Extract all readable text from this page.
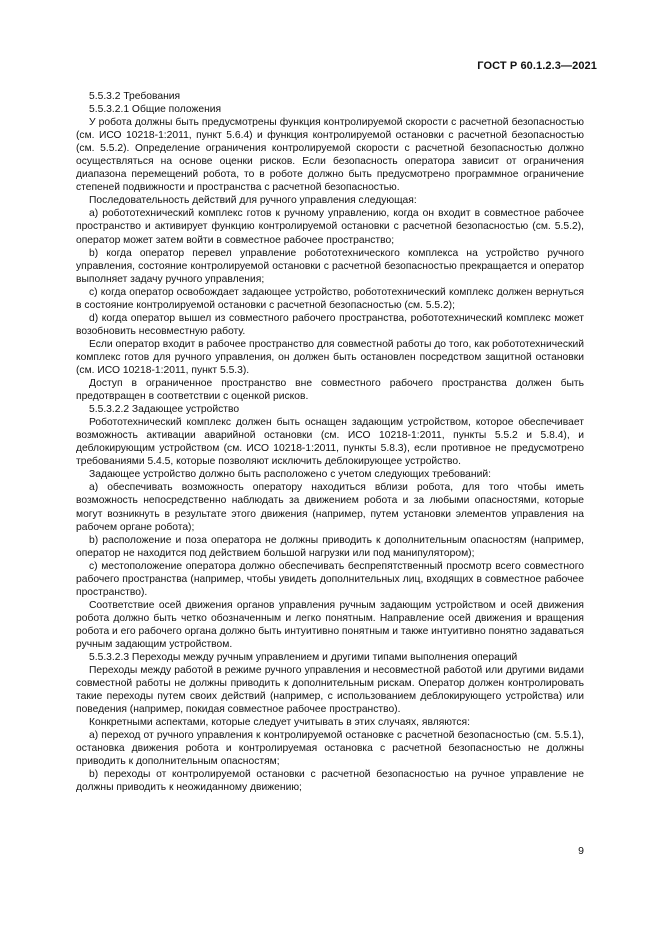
ГОСТ Р 60.1.2.3—2021

5.5.3.2 Требования

5.5.3.2.1 Общие положения

У робота должны быть предусмотрены функция контролируемой скорости с расчетной безопасностью (см. ИСО 10218-1:2011, пункт 5.6.4) и функция контролируемой остановки с расчетной безопасностью (см. 5.5.2). Определение ограничения контролируемой скорости с расчетной безопасностью должно осуществляться на основе оценки рисков. Если безопасность оператора зависит от ограничения диапазона перемещений робота, то в роботе должно быть предусмотрено программное ограничение степеней подвижности и пространства с расчетной безопасностью.

Последовательность действий для ручного управления следующая:

a) робототехнический комплекс готов к ручному управлению, когда он входит в совместное рабочее пространство и активирует функцию контролируемой остановки с расчетной безопасностью (см. 5.5.2), оператор может затем войти в совместное рабочее пространство;

b) когда оператор перевел управление робототехнического комплекса на устройство ручного управления, состояние контролируемой остановки с расчетной безопасностью прекращается и оператор выполняет задачу ручного управления;

c) когда оператор освобождает задающее устройство, робототехнический комплекс должен вернуться в состояние контролируемой остановки с расчетной безопасностью (см. 5.5.2);

d) когда оператор вышел из совместного рабочего пространства, робототехнический комплекс может возобновить несовместную работу.

Если оператор входит в рабочее пространство для совместной работы до того, как робототехнический комплекс готов для ручного управления, он должен быть остановлен посредством защитной остановки (см. ИСО 10218-1:2011, пункт 5.5.3).

Доступ в ограниченное пространство вне совместного рабочего пространства должен быть предотвращен в соответствии с оценкой рисков.

5.5.3.2.2 Задающее устройство

Робототехнический комплекс должен быть оснащен задающим устройством, которое обеспечивает возможность активации аварийной остановки (см. ИСО 10218-1:2011, пункты 5.5.2 и 5.8.4), и деблокирующим устройством (см. ИСО 10218-1:2011, пункты 5.8.3), если противное не предусмотрено требованиями 5.4.5, которые позволяют исключить деблокирующее устройство.

Задающее устройство должно быть расположено с учетом следующих требований:

a) обеспечивать возможность оператору находиться вблизи робота, для того чтобы иметь возможность непосредственно наблюдать за движением робота и за любыми опасностями, которые могут возникнуть в результате этого движения (например, путем установки элементов управления на рабочем органе робота);

b) расположение и поза оператора не должны приводить к дополнительным опасностям (например, оператор не находится под действием большой нагрузки или под манипулятором);

c) местоположение оператора должно обеспечивать беспрепятственный просмотр всего совместного рабочего пространства (например, чтобы увидеть дополнительных лиц, входящих в совместное рабочее пространство).

Соответствие осей движения органов управления ручным задающим устройством и осей движения робота должно быть четко обозначенным и легко понятным. Направление осей движения и вращения робота и его рабочего органа должно быть интуитивно понятным и также интуитивно понятно задаваться ручным задающим устройством.

5.5.3.2.3 Переходы между ручным управлением и другими типами выполнения операций

Переходы между работой в режиме ручного управления и несовместной работой или другими видами совместной работы не должны приводить к дополнительным рискам. Оператор должен контролировать такие переходы путем своих действий (например, с использованием деблокирующего устройства) или поведения (например, покидая совместное рабочее пространство).

Конкретными аспектами, которые следует учитывать в этих случаях, являются:

a) переход от ручного управления к контролируемой остановке с расчетной безопасностью (см. 5.5.1), остановка движения робота и контролируемая остановка с расчетной безопасностью не должны приводить к дополнительным опасностям;

b) переходы от контролируемой остановки с расчетной безопасностью на ручное управление не должны приводить к неожиданному движению;

9
